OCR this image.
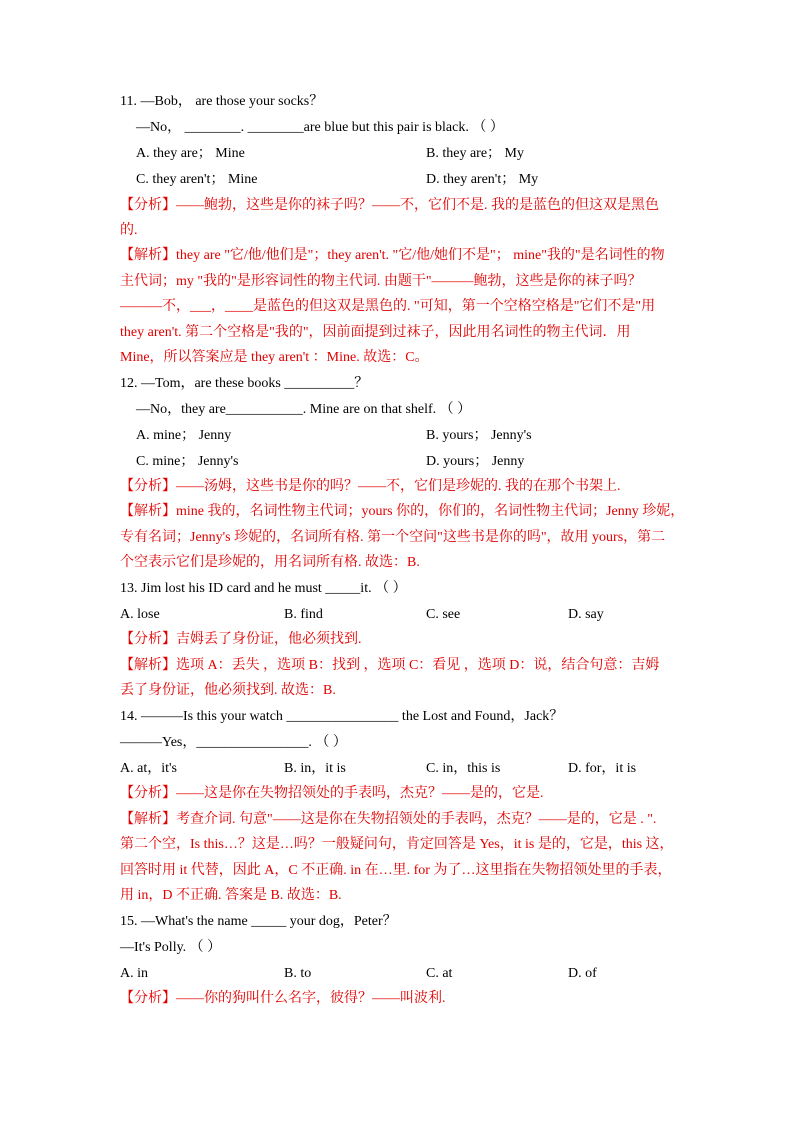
11. —Bob， are those your socks？
—No， ________. ________are blue but this pair is black. （ ）
A. they are； Mine	B. they are； My
C. they aren't； Mine	D. they aren't； My
【分析】——鲍勃，这些是你的袜子吗？——不，它们不是. 我的是蓝色的但这双是黑色
的.
【解析】they are "它/他/他们是"；they aren't. "它/他/她们不是"； mine"我的"是名词性的物
主代词；my "我的"是形容词性的物主代词. 由题干"———鲍勃，这些是你的袜子吗？
———不，___，____是蓝色的但这双是黑色的. "可知，第一个空格空格是"它们不是"用
they aren't. 第二个空格是"我的"，因前面提到过袜子，因此用名词性的物主代词．用
Mine，所以答案应是 they aren't ：Mine. 故选：C。
12. —Tom，are these books __________？
—No，they are___________. Mine are on that shelf. （ ）
A. mine； Jenny	B. yours； Jenny's
C. mine； Jenny's	D. yours； Jenny
【分析】——汤姆，这些书是你的吗？——不，它们是珍妮的. 我的在那个书架上.
【解析】mine 我的，名词性物主代词；yours 你的，你们的，名词性物主代词；Jenny 珍妮，
专有名词；Jenny's 珍妮的，名词所有格. 第一个空问"这些书是你的吗"，故用 yours，第二
个空表示它们是珍妮的，用名词所有格. 故选：B.
13. Jim lost his ID card and he must _____it. （ ）
A. lose	B. find	C. see	D. say
【分析】吉姆丢了身份证，他必须找到.
【解析】选项 A：丢失 ，选项 B：找到 ，选项 C：看见 ，选项 D：说，结合句意：吉姆
丢了身份证，他必须找到. 故选：B.
14. ———Is this your watch ________________ the Lost and Found，Jack？
———Yes，________________. （ ）
A. at，it's	B. in，it is	C. in，this is	D. for，it is
【分析】——这是你在失物招领处的手表吗，杰克？——是的，它是.
【解析】考查介词. 句意"——这是你在失物招领处的手表吗，杰克？——是的，它是 . ".
第二个空，Is this…？这是…吗？一般疑问句，肯定回答是 Yes，it is 是的，它是，this 这，
回答时用 it 代替，因此 A，C 不正确. in 在…里. for 为了…这里指在失物招领处里的手表，
用 in，D 不正确. 答案是 B. 故选：B.
15. —What's the name _____ your dog，Peter？
—It's Polly. （ ）
A. in	B. to	C. at	D. of
【分析】——你的狗叫什么名字，彼得？——叫波利.
